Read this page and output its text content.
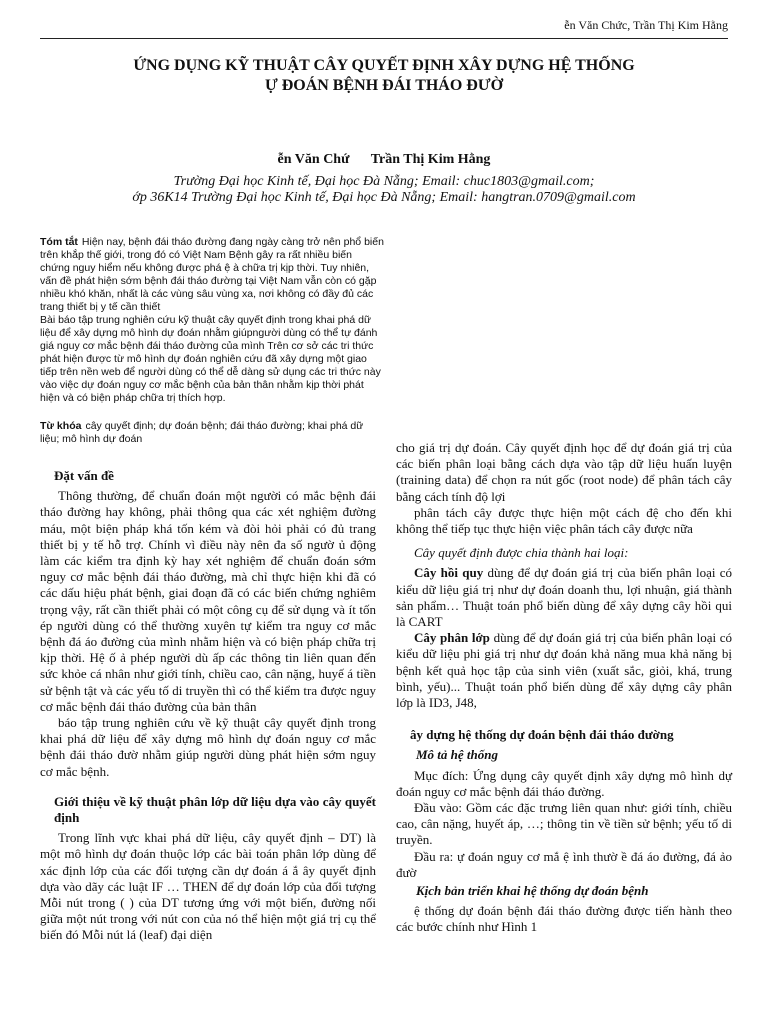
ễn Văn Chức, Trần Thị Kim Hằng
ỨNG DỤNG KỸ THUẬT CÂY QUYẾT ĐỊNH XÂY DỰNG HỆ THỐNG
Ự ĐOÁN BỆNH ĐÁI THÁO ĐƯỜ
ễn Văn Chứ Trần Thị Kim Hằng
Trường Đại học Kinh tế, Đại học Đà Nẵng; Email: chuc1803@gmail.com;
ớp 36K14 Trường Đại học Kinh tế, Đại học Đà Nẵng; Email: hangtran.0709@gmail.com

Tóm tắt Hiện nay, bệnh đái tháo đường đang ngày càng trở nên phổ biến trên khắp thế giới, trong đó có Việt Nam Bệnh gây ra rất nhiều biến chứng nguy hiểm nếu không được phá ệ à chữa trị kịp thời. Tuy nhiên, vấn đề phát hiện sớm bệnh đái tháo đường tại Việt Nam vẫn còn có gặp nhiều khó khăn, nhất là các vùng sâu vùng xa, nơi không có đầy đủ các trang thiết bị y tế cần thiết

Bài báo tập trung nghiên cứu kỹ thuật cây quyết định trong khai phá dữ liệu để xây dựng mô hình dự đoán nhằm giúpngười dùng có thể tự đánh giá nguy cơ mắc bệnh đái tháo đường của mình Trên cơ sở các tri thức phát hiện được từ mô hình dự đoán nghiên cứu đã xây dựng một giao tiếp trên nền web để người dùng có thể dễ dàng sử dụng các tri thức này vào việc dự đoán nguy cơ mắc bệnh của bản thân nhằm kịp thời phát hiện và có biện pháp chữa trị thích hợp.

Từ khóa cây quyết định; dự đoán bệnh; đái tháo đường; khai phá dữ liệu; mô hình dự đoán
Đặt vấn đề

Thông thường, để chuẩn đoán một người có mắc bệnh đái tháo đường hay không, phải thông qua các xét nghiệm đường máu, một biện pháp khá tốn kém và đòi hỏi phải có đủ trang thiết bị y tế hỗ trợ. Chính vì điều này nên đa số ngườ ủ động làm các kiểm tra định kỳ hay xét nghiệm để chuẩn đoán sớm nguy cơ mắc bệnh đái tháo đường, mà chỉ thực hiện khi đã có các dấu hiệu phát bệnh, giai đoạn đã có các biến chứng nghiêm trọng vậy, rất cần thiết phải có một công cụ để sử dụng và ít tốn ép người dùng có thể thường xuyên tự kiểm tra nguy cơ mắc bệnh đá áo đường của mình nhằm hiện và có biện pháp chữa trị kịp thời. Hệ ố ả phép người dù ấp các thông tin liên quan đến sức khỏe cá nhân như giới tính, chiều cao, cân nặng, huyế á tiền sử bệnh tật và các yếu tố di truyền thì có thể kiểm tra được nguy cơ mắc bệnh đái tháo đường của bản thân

báo tập trung nghiên cứu về kỹ thuật cây quyết định trong khai phá dữ liệu để xây dựng mô hình dự đoán nguy cơ mắc bệnh đái tháo đườ nhằm giúp người dùng phát hiện sớm nguy cơ mắc bệnh.

Giới thiệu về kỹ thuật phân lớp dữ liệu dựa vào cây quyết định

Trong lĩnh vực khai phá dữ liệu, cây quyết định – DT) là một mô hình dự đoán thuộc lớp các bài toán phân lớp dùng để xác định lớp của các đối tượng cần dự đoán á ắ ây quyết định dựa vào dãy các luật IF … THEN để dự đoán lớp của đối tượng Mỗi nút trong ( ) của DT tương ứng với một biến, đường nối giữa một nút trong với nút con của nó thể hiện một giá trị cụ thể biến đó Mỗi nút lá (leaf) đại diện

cho giá trị dự đoán. Cây quyết định học để dự đoán giá trị của các biến phân loại bằng cách dựa vào tập dữ liệu huấn luyện (training data) để chọn ra nút gốc (root node) để phân tách cây bằng cách tính độ lợi

phân tách cây được thực hiện một cách đệ cho đến khi không thể tiếp tục thực hiện việc phân tách cây được nữa

Cây quyết định được chia thành hai loại:

Cây hồi quy dùng để dự đoán giá trị của biến phân loại có kiểu dữ liệu giá trị như dự đoán doanh thu, lợi nhuận, giá thành sản phẩm… Thuật toán phổ biến dùng để xây dựng cây hồi qui là CART

Cây phân lớp dùng để dự đoán giá trị của biến phân loại có kiểu dữ liệu phi giá trị như dự đoán khả năng mua khả năng bị bệnh kết quả học tập của sinh viên (xuất sắc, giỏi, khá, trung bình, yếu)... Thuật toán phổ biến dùng để xây dựng cây phân lớp là ID3, J48,

ây dựng hệ thống dự đoán bệnh đái tháo đường
Mô tả hệ thống

Mục đích: Ứng dụng cây quyết định xây dựng mô hình dự đoán nguy cơ mắc bệnh đái tháo đường.

Đầu vào: Gồm các đặc trưng liên quan như: giới tính, chiều cao, cân nặng, huyết áp, …; thông tin về tiền sử bệnh; yếu tố di truyền.

Đầu ra: ự đoán nguy cơ mắ ệ ình thườ ề đá áo đường, đá ảo đườ

Kịch bản triển khai hệ thống dự đoán bệnh

ệ thống dự đoán bệnh đái tháo đường được tiến hành theo các bước chính như Hình 1
